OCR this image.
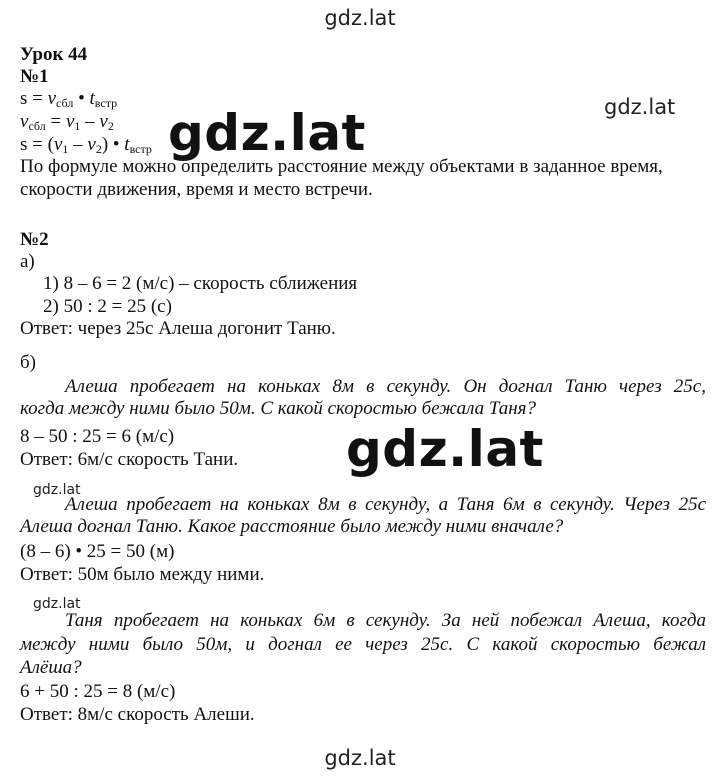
gdz.lat
gdz.lat
gdz.lat
gdz.lat
gdz.lat
gdz.lat
gdz.lat
Урок 44
№1
$s = v_{сбл}$ • $t_{встр}$
$v_{сбл} = v_1 - v_2$
$s = (v_1 - v_2)$ • $t_{встр}$
По формуле можно определить расстояние между объектами в заданное время,
скорости движения, время и место встречи.
№2
а)
1) 8 – 6 = 2 (м/с) – скорость сближения
2) 50 : 2 = 25 (с)
Ответ: через 25с Алеша догонит Таню.
б)
Алеша пробегает на коньках 8м в секунду. Он догнал Таню через 25с,
когда между ними было 50м. С какой скоростью бежала Таня?
8 – 50 : 25 = 6 (м/с)
Ответ: 6м/с скорость Тани.
Алеша пробегает на коньках 8м в секунду, а Таня 6м в секунду. Через 25с
Алеша догнал Таню. Какое расстояние было между ними вначале?
(8 – 6) • 25 = 50 (м)
Ответ: 50м было между ними.
Таня пробегает на коньках 6м в секунду. За ней побежал Алеша, когда
между ними было 50м, и догнал ее через 25с. С какой скоростью бежал
Алёша?
6 + 50 : 25 = 8 (м/с)
Ответ: 8м/с скорость Алеши.
